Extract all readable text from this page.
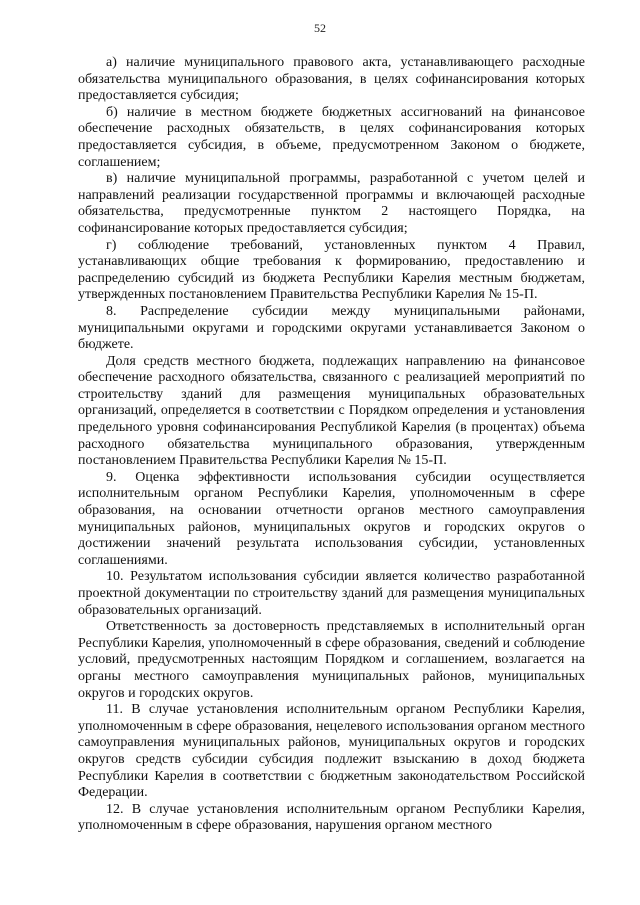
52

а) наличие муниципального правового акта, устанавливающего расходные обязательства муниципального образования, в целях софинансирования которых предоставляется субсидия;

б) наличие в местном бюджете бюджетных ассигнований на финансовое обеспечение расходных обязательств, в целях софинансирования которых предоставляется субсидия, в объеме, предусмотренном Законом о бюджете, соглашением;

в) наличие муниципальной программы, разработанной с учетом целей и направлений реализации государственной программы и включающей расходные обязательства, предусмотренные пунктом 2 настоящего Порядка, на софинансирование которых предоставляется субсидия;

г) соблюдение требований, установленных пунктом 4 Правил, устанавливающих общие требования к формированию, предоставлению и распределению субсидий из бюджета Республики Карелия местным бюджетам, утвержденных постановлением Правительства Республики Карелия № 15-П.

8. Распределение субсидии между муниципальными районами, муниципальными округами и городскими округами устанавливается Законом о бюджете.

Доля средств местного бюджета, подлежащих направлению на финансовое обеспечение расходного обязательства, связанного с реализацией мероприятий по строительству зданий для размещения муниципальных образовательных организаций, определяется в соответствии с Порядком определения и установления предельного уровня софинансирования Республикой Карелия (в процентах) объема расходного обязательства муниципального образования, утвержденным постановлением Правительства Республики Карелия № 15-П.

9. Оценка эффективности использования субсидии осуществляется исполнительным органом Республики Карелия, уполномоченным в сфере образования, на основании отчетности органов местного самоуправления муниципальных районов, муниципальных округов и городских округов о достижении значений результата использования субсидии, установленных соглашениями.

10. Результатом использования субсидии является количество разработанной проектной документации по строительству зданий для размещения муниципальных образовательных организаций.

Ответственность за достоверность представляемых в исполнительный орган Республики Карелия, уполномоченный в сфере образования, сведений и соблюдение условий, предусмотренных настоящим Порядком и соглашением, возлагается на органы местного самоуправления муниципальных районов, муниципальных округов и городских округов.

11. В случае установления исполнительным органом Республики Карелия, уполномоченным в сфере образования, нецелевого использования органом местного самоуправления муниципальных районов, муниципальных округов и городских округов средств субсидии субсидия подлежит взысканию в доход бюджета Республики Карелия в соответствии с бюджетным законодательством Российской Федерации.

12. В случае установления исполнительным органом Республики Карелия, уполномоченным в сфере образования, нарушения органом местного
